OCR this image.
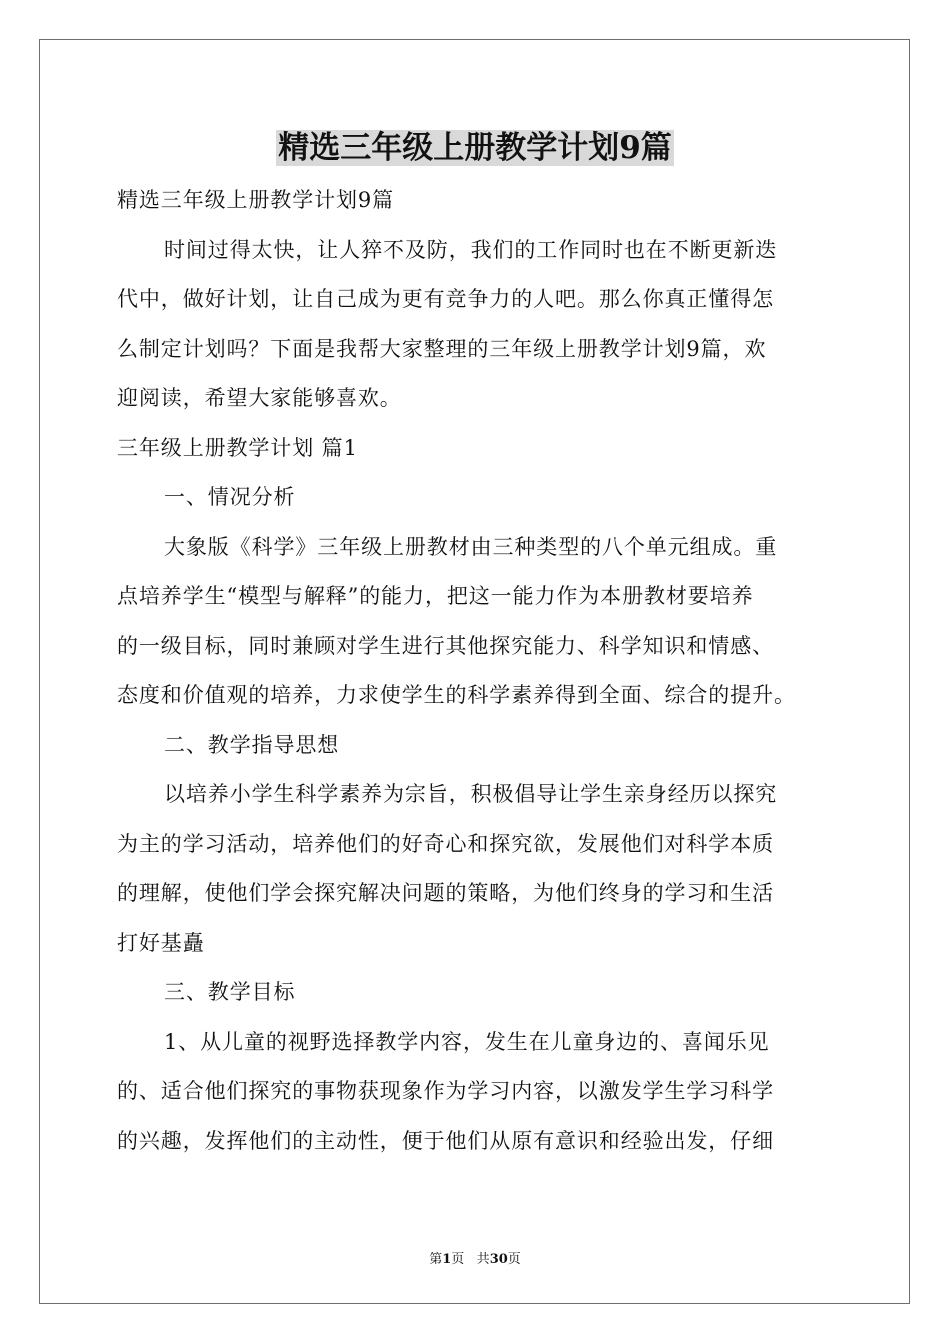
精选三年级上册教学计划9篇
精选三年级上册教学计划9篇
时间过得太快，让人猝不及防，我们的工作同时也在不断更新迭
代中，做好计划，让自己成为更有竞争力的人吧。那么你真正懂得怎
么制定计划吗？下面是我帮大家整理的三年级上册教学计划9篇，欢
迎阅读，希望大家能够喜欢。
三年级上册教学计划 篇1
一、情况分析
大象版《科学》三年级上册教材由三种类型的八个单元组成。重
点培养学生“模型与解释”的能力，把这一能力作为本册教材要培养
的一级目标，同时兼顾对学生进行其他探究能力、科学知识和情感、
态度和价值观的培养，力求使学生的科学素养得到全面、综合的提升。
二、教学指导思想
以培养小学生科学素养为宗旨，积极倡导让学生亲身经历以探究
为主的学习活动，培养他们的好奇心和探究欲，发展他们对科学本质
的理解，使他们学会探究解决问题的策略，为他们终身的学习和生活
打好基矗
三、教学目标
1、从儿童的视野选择教学内容，发生在儿童身边的、喜闻乐见
的、适合他们探究的事物获现象作为学习内容，以激发学生学习科学
的兴趣，发挥他们的主动性，便于他们从原有意识和经验出发，仔细
第1页 共30页
